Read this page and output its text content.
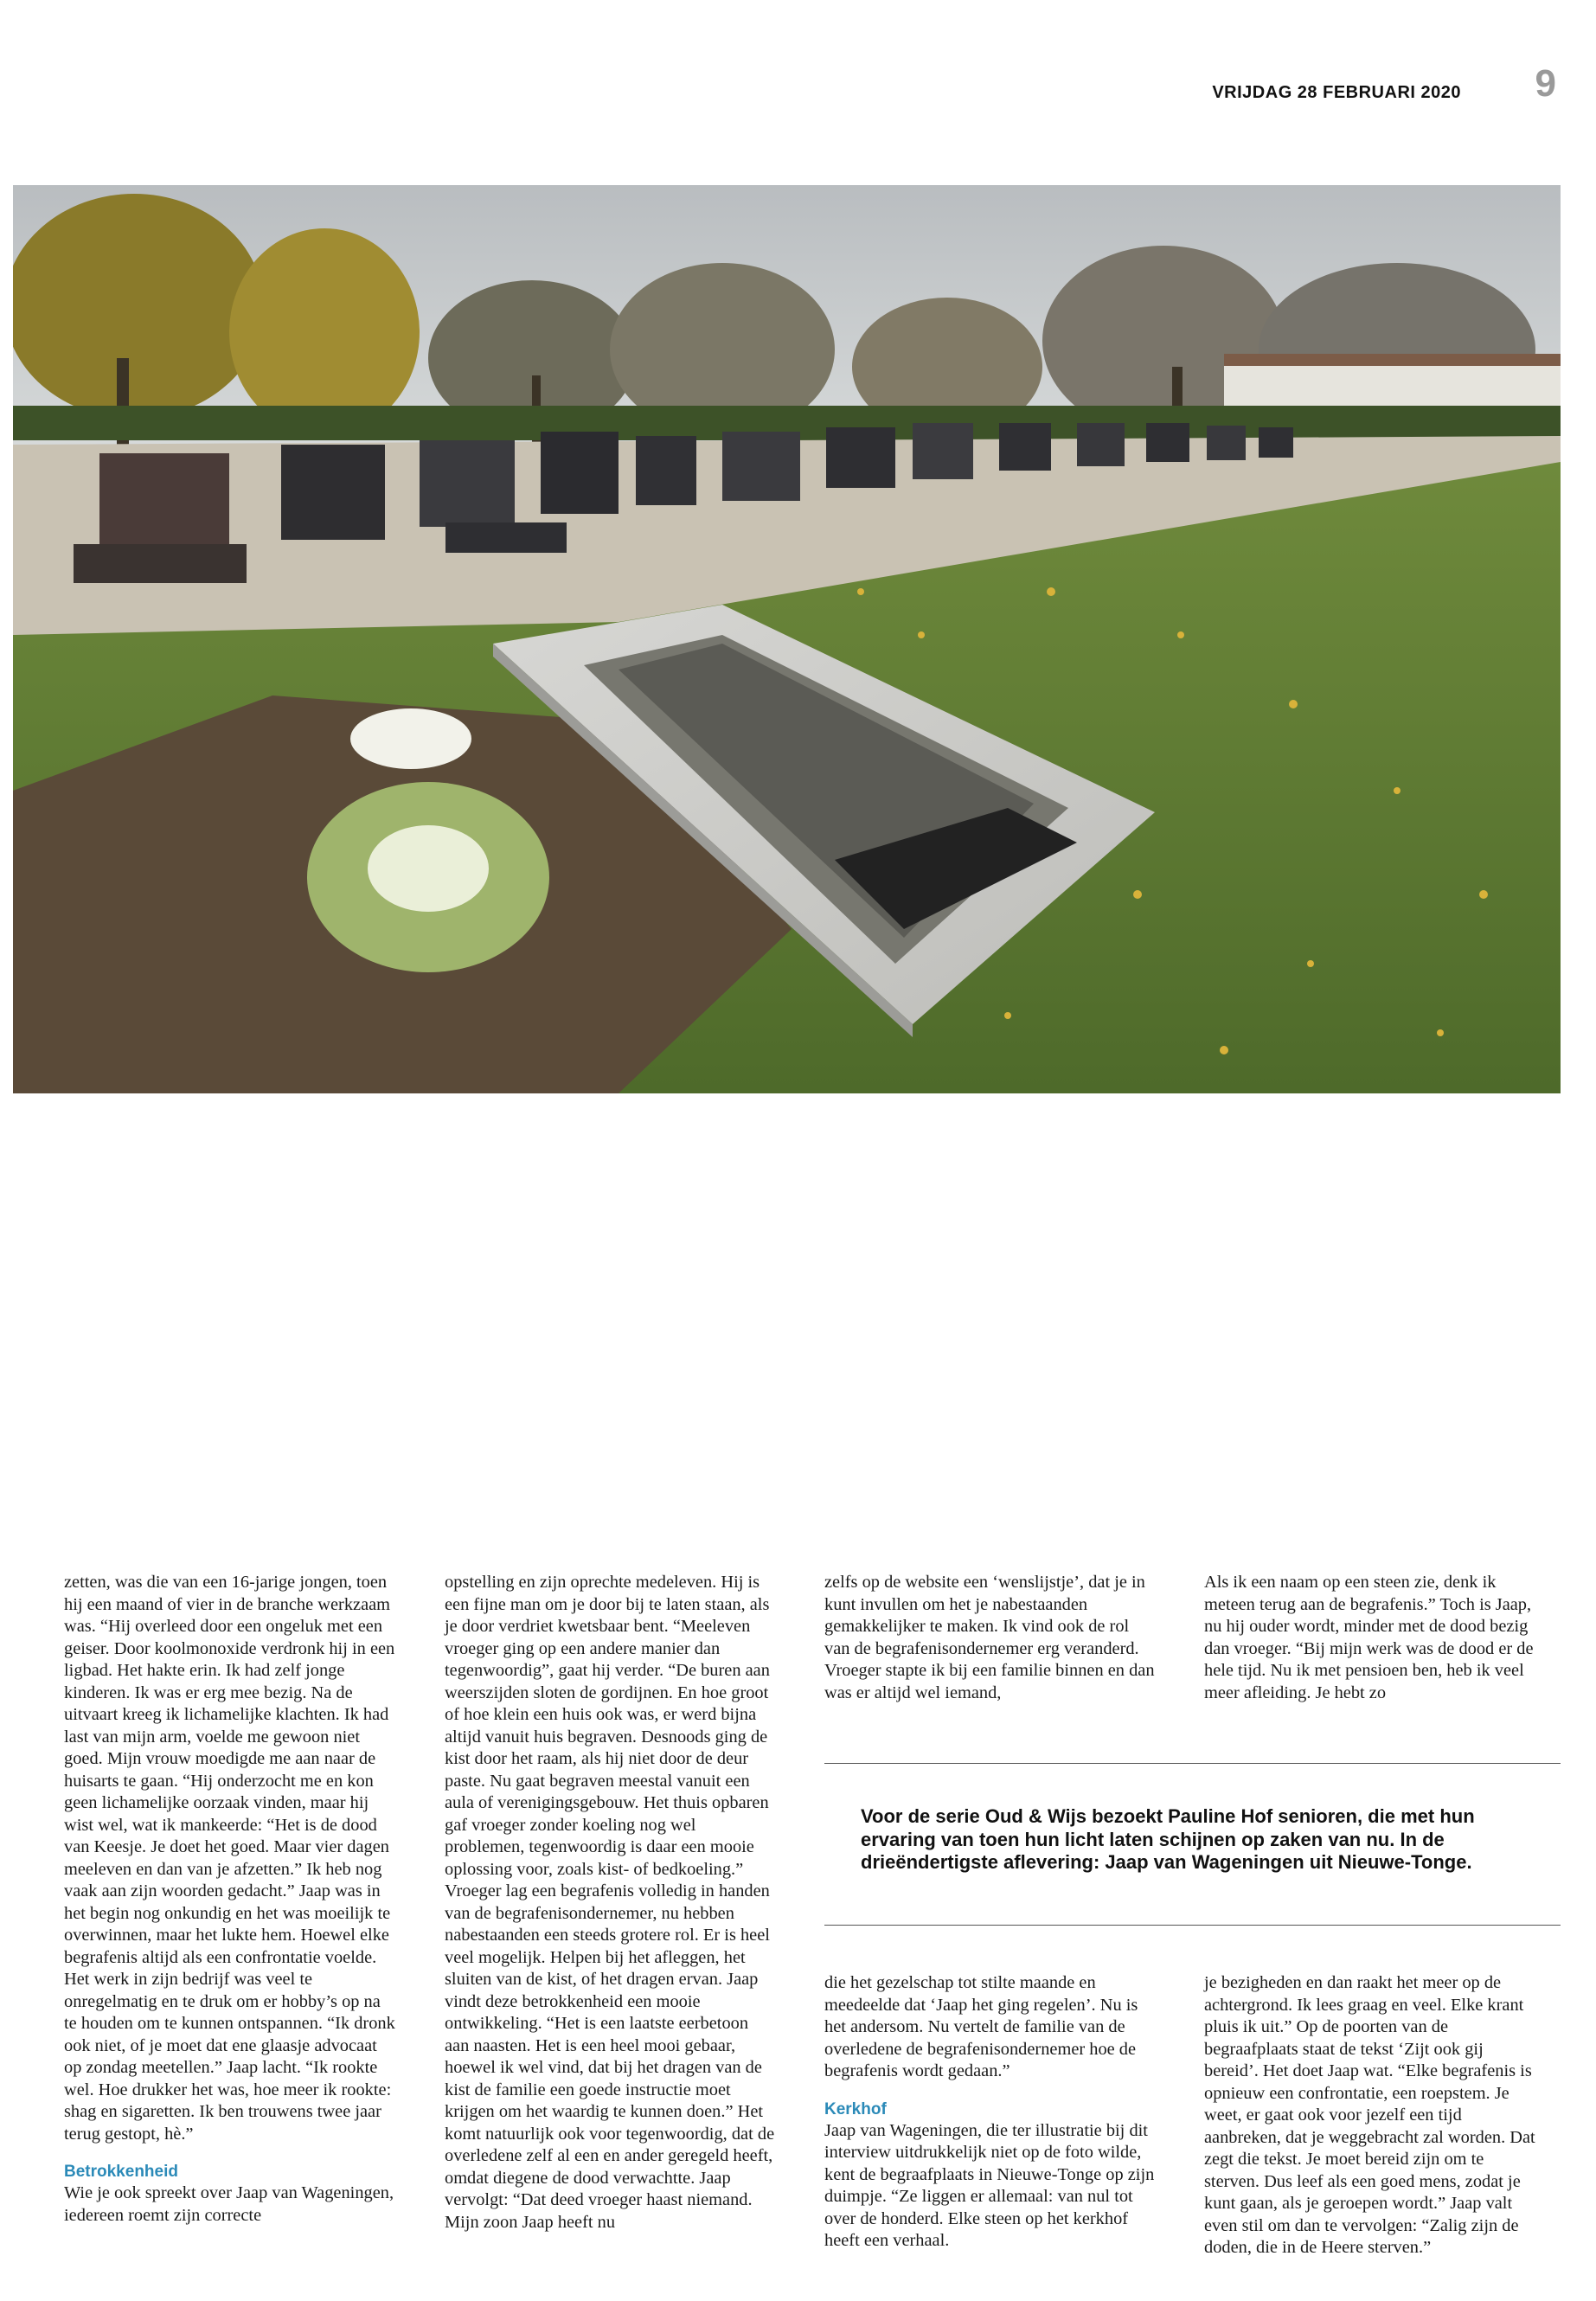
VRIJDAG 28 FEBRUARI 2020 9

zetten, was die van een 16-jarige jongen, toen hij een maand of vier in de branche werkzaam was. “Hij overleed door een ongeluk met een geiser. Door koolmonoxide verdronk hij in een ligbad. Het hakte erin. Ik had zelf jonge kinderen. Ik was er erg mee bezig. Na de uitvaart kreeg ik lichamelijke klachten. Ik had last van mijn arm, voelde me gewoon niet goed. Mijn vrouw moedigde me aan naar de huisarts te gaan. “Hij onderzocht me en kon geen lichamelijke oorzaak vinden, maar hij wist wel, wat ik mankeerde: “Het is de dood van Keesje. Je doet het goed. Maar vier dagen meeleven en dan van je afzetten.” Ik heb nog vaak aan zijn woorden gedacht.” Jaap was in het begin nog onkundig en het was moeilijk te overwinnen, maar het lukte hem. Hoewel elke begrafenis altijd als een confrontatie voelde. Het werk in zijn bedrijf was veel te onregelmatig en te druk om er hobby’s op na te houden om te kunnen ontspannen. “Ik dronk ook niet, of je moet dat ene glaasje advocaat op zondag meetellen.” Jaap lacht. “Ik rookte wel. Hoe drukker het was, hoe meer ik rookte: shag en sigaretten. Ik ben trouwens twee jaar terug gestopt, hè.”

Betrokkenheid

Wie je ook spreekt over Jaap van Wageningen, iedereen roemt zijn correcte

opstelling en zijn oprechte medeleven. Hij is een fijne man om je door bij te laten staan, als je door verdriet kwetsbaar bent. “Meeleven vroeger ging op een andere manier dan tegenwoordig”, gaat hij verder. “De buren aan weerszijden sloten de gordijnen. En hoe groot of hoe klein een huis ook was, er werd bijna altijd vanuit huis begraven. Desnoods ging de kist door het raam, als hij niet door de deur paste. Nu gaat begraven meestal vanuit een aula of verenigingsgebouw. Het thuis opbaren gaf vroeger zonder koeling nog wel problemen, tegenwoordig is daar een mooie oplossing voor, zoals kist- of bedkoeling.” Vroeger lag een begrafenis volledig in handen van de begrafenisondernemer, nu hebben nabestaanden een steeds grotere rol. Er is heel veel mogelijk. Helpen bij het afleggen, het sluiten van de kist, of het dragen ervan. Jaap vindt deze betrokkenheid een mooie ontwikkeling. “Het is een laatste eerbetoon aan naasten. Het is een heel mooi gebaar, hoewel ik wel vind, dat bij het dragen van de kist de familie een goede instructie moet krijgen om het waardig te kunnen doen.” Het komt natuurlijk ook voor tegenwoordig, dat de overledene zelf al een en ander geregeld heeft, omdat diegene de dood verwachtte. Jaap vervolgt: “Dat deed vroeger haast niemand. Mijn zoon Jaap heeft nu

zelfs op de website een ‘wenslijstje’, dat je in kunt invullen om het je nabestaanden gemakkelijker te maken. Ik vind ook de rol van de begrafenisondernemer erg veranderd. Vroeger stapte ik bij een familie binnen en dan was er altijd wel iemand,

Als ik een naam op een steen zie, denk ik meteen terug aan de begrafenis.” Toch is Jaap, nu hij ouder wordt, minder met de dood bezig dan vroeger. “Bij mijn werk was de dood er de hele tijd. Nu ik met pensioen ben, heb ik veel meer afleiding. Je hebt zo

Voor de serie Oud & Wijs bezoekt Pauline Hof senioren, die met hun ervaring van toen hun licht laten schijnen op zaken van nu. In de drieëndertigste aflevering: Jaap van Wageningen uit Nieuwe-Tonge.

die het gezelschap tot stilte maande en meedeelde dat ‘Jaap het ging regelen’. Nu is het andersom. Nu vertelt de familie van de overledene de begrafenisondernemer hoe de begrafenis wordt gedaan.”

Kerkhof

Jaap van Wageningen, die ter illustratie bij dit interview uitdrukkelijk niet op de foto wilde, kent de begraafplaats in Nieuwe-Tonge op zijn duimpje. “Ze liggen er allemaal: van nul tot over de honderd. Elke steen op het kerkhof heeft een verhaal.

je bezigheden en dan raakt het meer op de achtergrond. Ik lees graag en veel. Elke krant pluis ik uit.” Op de poorten van de begraafplaats staat de tekst ‘Zijt ook gij bereid’. Het doet Jaap wat. “Elke begrafenis is opnieuw een confrontatie, een roepstem. Je weet, er gaat ook voor jezelf een tijd aanbreken, dat je weggebracht zal worden. Dat zegt die tekst. Je moet bereid zijn om te sterven. Dus leef als een goed mens, zodat je kunt gaan, als je geroepen wordt.” Jaap valt even stil om dan te vervolgen: “Zalig zijn de doden, die in de Heere sterven.”
